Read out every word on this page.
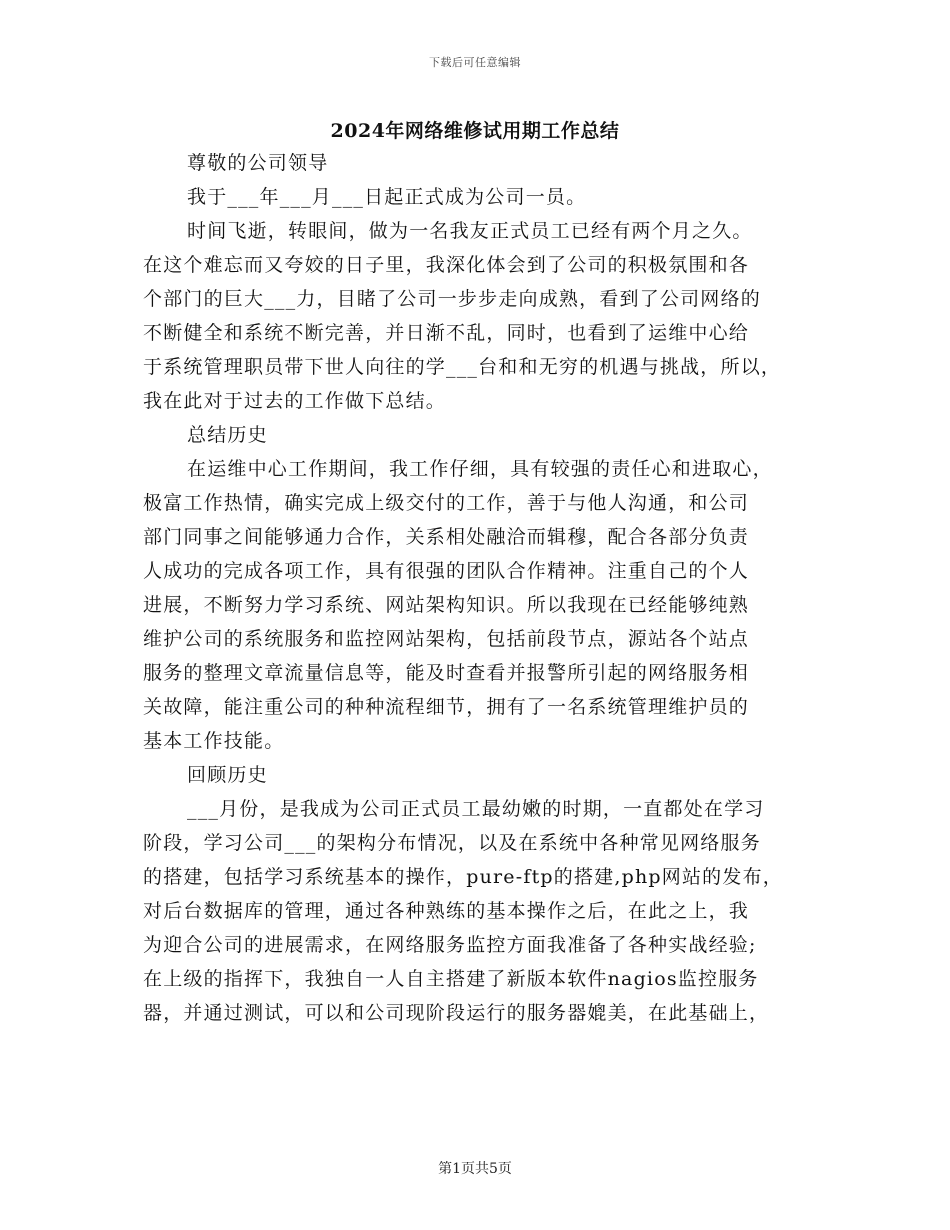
下载后可任意编辑
2024年网络维修试用期工作总结
尊敬的公司领导
我于___年___月___日起正式成为公司一员。
时间飞逝，转眼间，做为一名我友正式员工已经有两个月之久。
在这个难忘而又夸姣的日子里，我深化体会到了公司的积极氛围和各
个部门的巨大___力，目睹了公司一步步走向成熟，看到了公司网络的
不断健全和系统不断完善，并日渐不乱，同时，也看到了运维中心给
于系统管理职员带下世人向往的学___台和和无穷的机遇与挑战，所以，
我在此对于过去的工作做下总结。
总结历史
在运维中心工作期间，我工作仔细，具有较强的责任心和进取心，
极富工作热情，确实完成上级交付的工作，善于与他人沟通，和公司
部门同事之间能够通力合作，关系相处融洽而辑穆，配合各部分负责
人成功的完成各项工作，具有很强的团队合作精神。注重自己的个人
进展，不断努力学习系统、网站架构知识。所以我现在已经能够纯熟
维护公司的系统服务和监控网站架构，包括前段节点，源站各个站点
服务的整理文章流量信息等，能及时查看并报警所引起的网络服务相
关故障，能注重公司的种种流程细节，拥有了一名系统管理维护员的
基本工作技能。
回顾历史
___月份，是我成为公司正式员工最幼嫩的时期，一直都处在学习
阶段，学习公司___的架构分布情况，以及在系统中各种常见网络服务
的搭建，包括学习系统基本的操作，pure-ftp的搭建,php网站的发布，
对后台数据库的管理，通过各种熟练的基本操作之后，在此之上，我
为迎合公司的进展需求，在网络服务监控方面我准备了各种实战经验;
在上级的指挥下，我独自一人自主搭建了新版本软件nagios监控服务
器，并通过测试，可以和公司现阶段运行的服务器媲美，在此基础上，
第1页共5页
